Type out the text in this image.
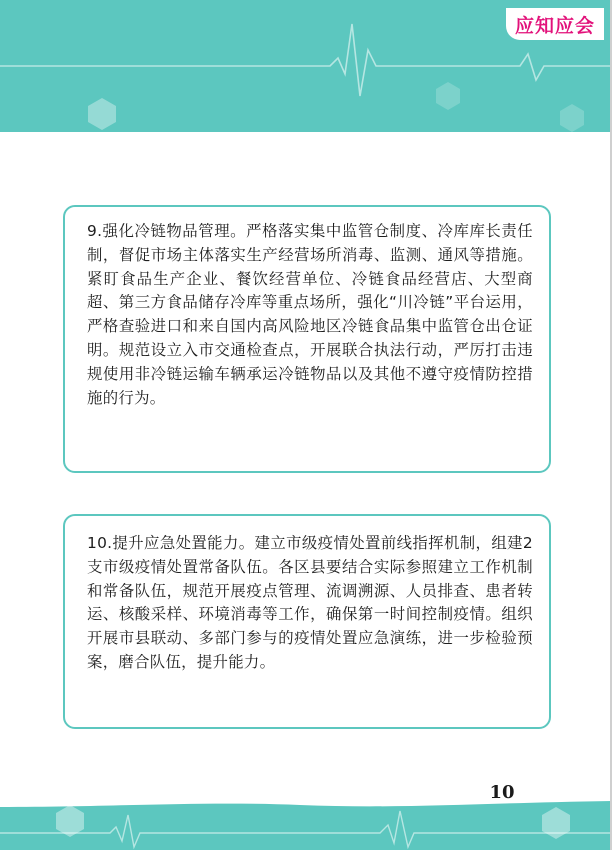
应知应会

9.强化冷链物品管理。严格落实集中监管仓制度、冷库库长责任制，督促市场主体落实生产经营场所消毒、监测、通风等措施。紧盯食品生产企业、餐饮经营单位、冷链食品经营店、大型商超、第三方食品储存冷库等重点场所，强化“川冷链”平台运用，严格查验进口和来自国内高风险地区冷链食品集中监管仓出仓证明。规范设立入市交通检查点，开展联合执法行动，严厉打击违规使用非冷链运输车辆承运冷链物品以及其他不遵守疫情防控措施的行为。

10.提升应急处置能力。建立市级疫情处置前线指挥机制，组建2支市级疫情处置常备队伍。各区县要结合实际参照建立工作机制和常备队伍，规范开展疫点管理、流调溯源、人员排查、患者转运、核酸采样、环境消毒等工作，确保第一时间控制疫情。组织开展市县联动、多部门参与的疫情处置应急演练，进一步检验预案，磨合队伍，提升能力。

10
